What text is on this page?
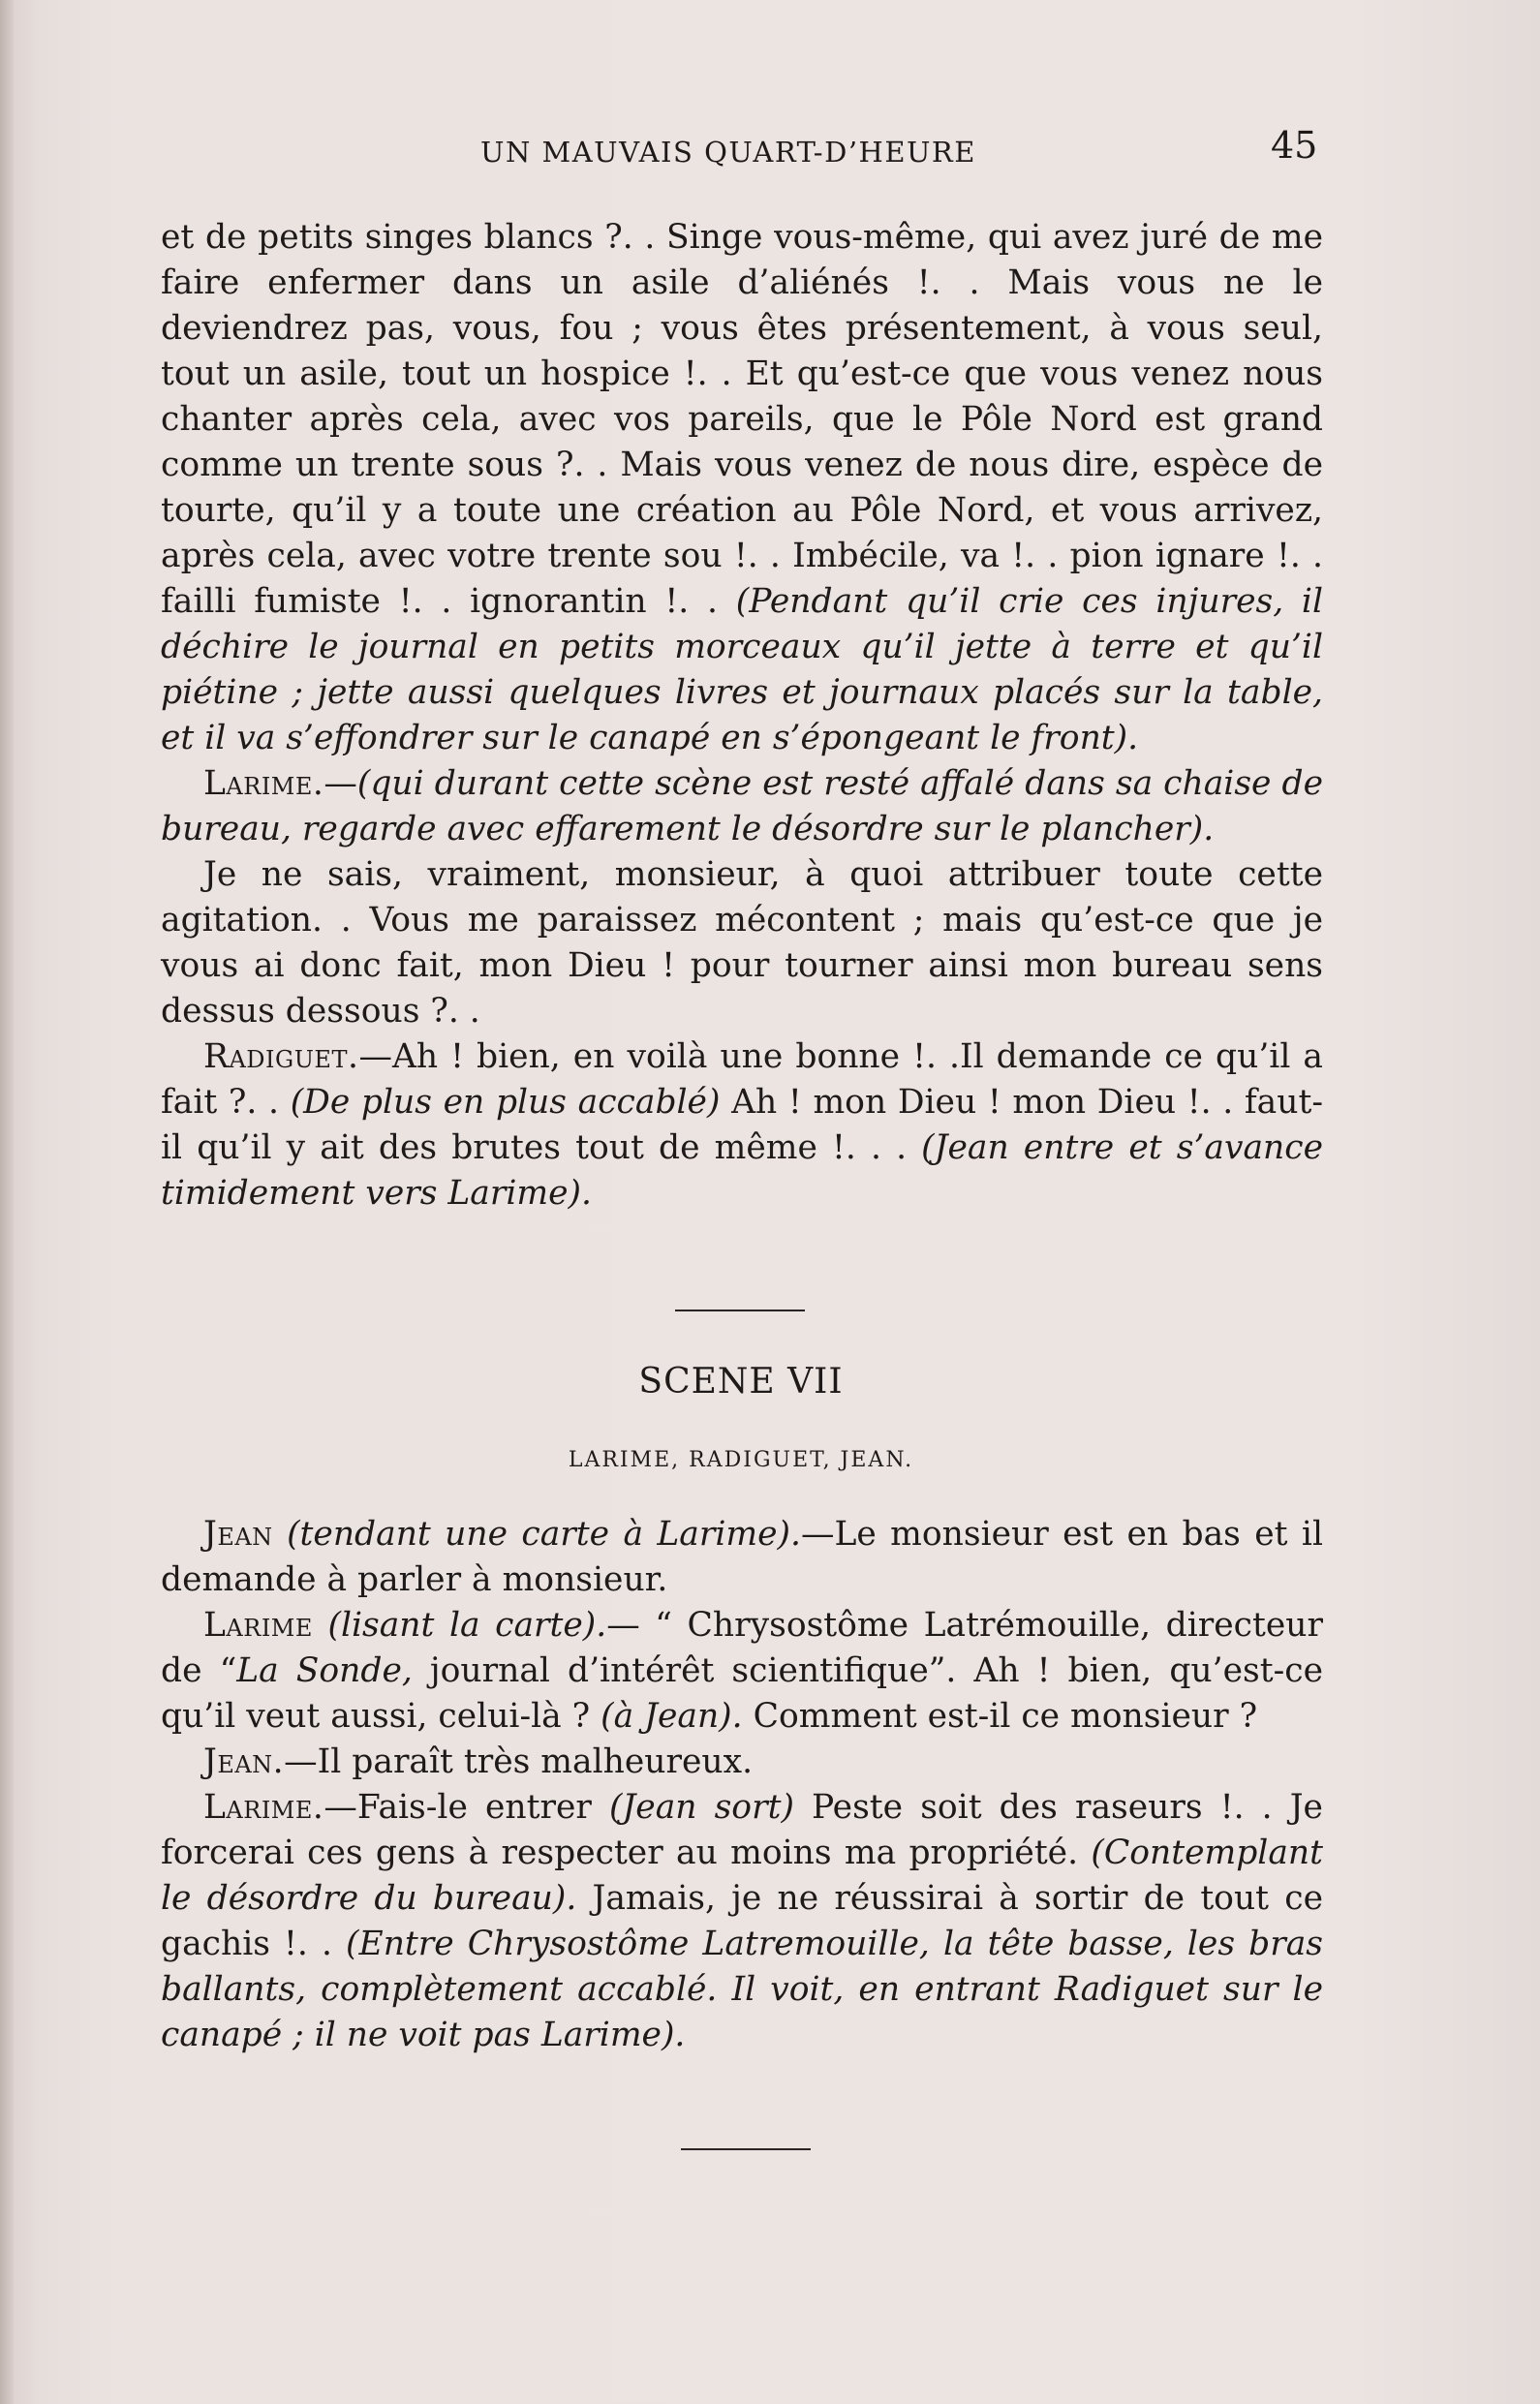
UN MAUVAIS QUART-D’HEURE	45

et de petits singes blancs ?. . Singe vous-même, qui avez juré de me faire enfermer dans un asile d’aliénés !. . Mais vous ne le deviendrez pas, vous, fou ; vous êtes présentement, à vous seul, tout un asile, tout un hospice !. . Et qu’est-ce que vous venez nous chanter après cela, avec vos pareils, que le Pôle Nord est grand comme un trente sous ?. . Mais vous venez de nous dire, espèce de tourte, qu’il y a toute une création au Pôle Nord, et vous arrivez, après cela, avec votre trente sou !. . Imbécile, va !. . pion ignare !. . failli fumiste !. . ignorantin !. . (Pendant qu’il crie ces injures, il déchire le journal en petits morceaux qu’il jette à terre et qu’il piétine ; jette aussi quelques livres et journaux placés sur la table, et il va s’effondrer sur le canapé en s’épongeant le front).

Larime.—(qui durant cette scène est resté affalé dans sa chaise de bureau, regarde avec effarement le désordre sur le plancher).

Je ne sais, vraiment, monsieur, à quoi attribuer toute cette agitation. . Vous me paraissez mécontent ; mais qu’est-ce que je vous ai donc fait, mon Dieu ! pour tourner ainsi mon bureau sens dessus dessous ?. .

Radiguet.—Ah ! bien, en voilà une bonne !. .Il demande ce qu’il a fait ?. . (De plus en plus accablé) Ah ! mon Dieu ! mon Dieu !. . faut-il qu’il y ait des brutes tout de même !. . . (Jean entre et s’avance timidement vers Larime).

SCENE VII
LARIME, RADIGUET, JEAN.

Jean (tendant une carte à Larime).—Le monsieur est en bas et il demande à parler à monsieur.

Larime (lisant la carte).— “ Chrysostôme Latrémouille, directeur de “La Sonde, journal d’intérêt scientifique”. Ah ! bien, qu’est-ce qu’il veut aussi, celui-là ? (à Jean). Comment est-il ce monsieur ?

Jean.—Il paraît très malheureux.

Larime.—Fais-le entrer (Jean sort) Peste soit des raseurs !. . Je forcerai ces gens à respecter au moins ma propriété. (Contemplant le désordre du bureau). Jamais, je ne réussirai à sortir de tout ce gachis !. . (Entre Chrysostôme Latremouille, la tête basse, les bras ballants, complètement accablé. Il voit, en entrant Radiguet sur le canapé ; il ne voit pas Larime).
